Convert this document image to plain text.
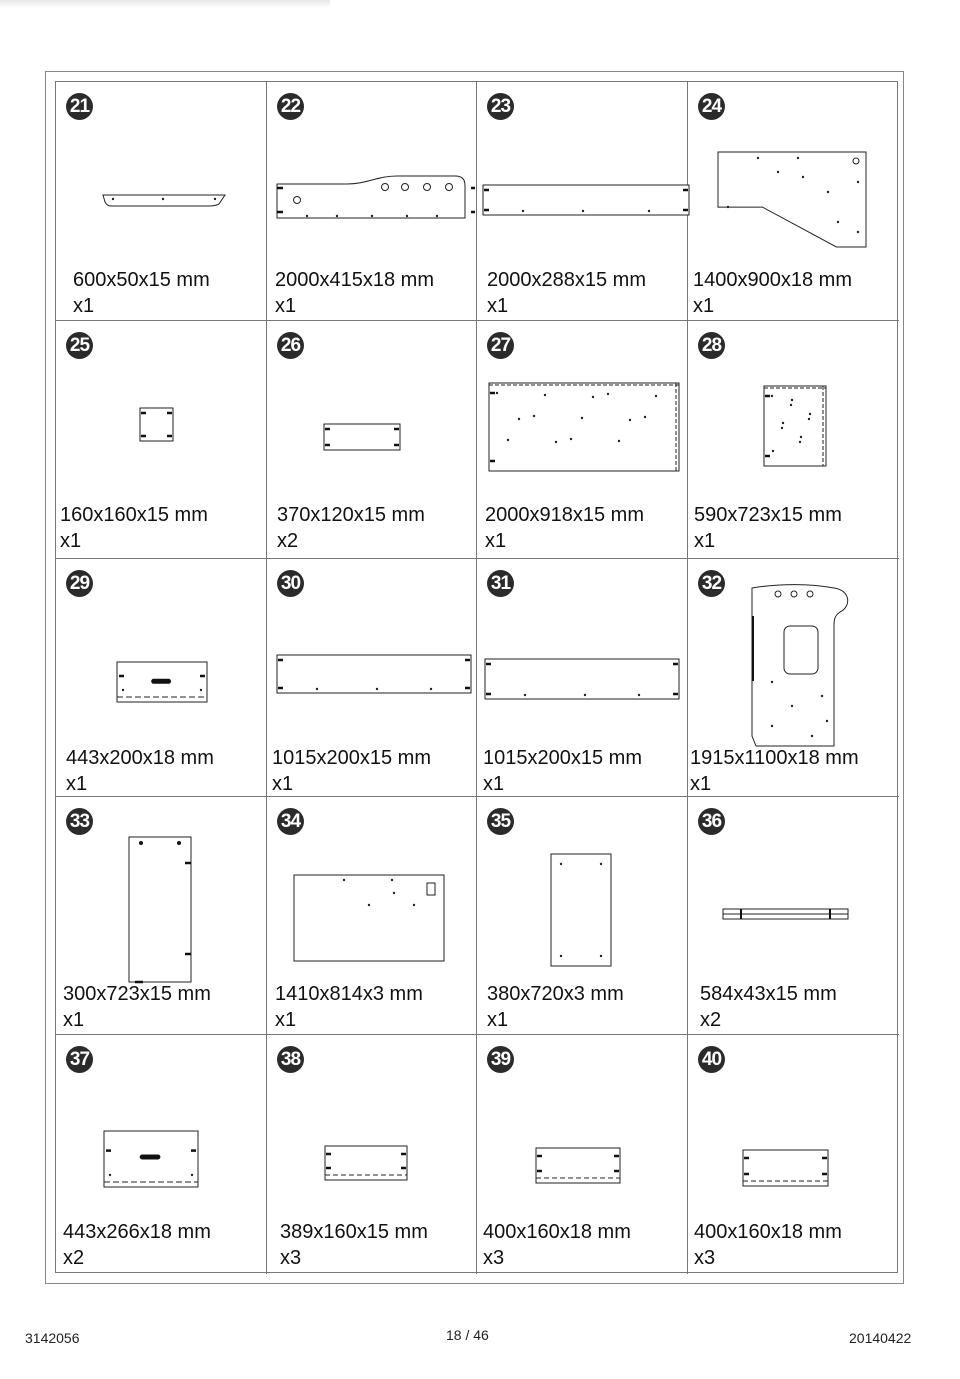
21
600x50x15 mm
x1
22
2000x415x18 mm
x1
23
2000x288x15 mm
x1
24
1400x900x18 mm
x1
25
160x160x15 mm
x1
26
370x120x15 mm
x2
27
2000x918x15 mm
x1
28
590x723x15 mm
x1
29
443x200x18 mm
x1
30
1015x200x15 mm
x1
31
1015x200x15 mm
x1
32
1915x1100x18 mm
x1
33
300x723x15 mm
x1
34
1410x814x3 mm
x1
35
380x720x3 mm
x1
36
584x43x15 mm
x2
37
443x266x18 mm
x2
38
389x160x15 mm
x3
39
400x160x18 mm
x3
40
400x160x18 mm
x3
3142056	18 / 46	20140422
